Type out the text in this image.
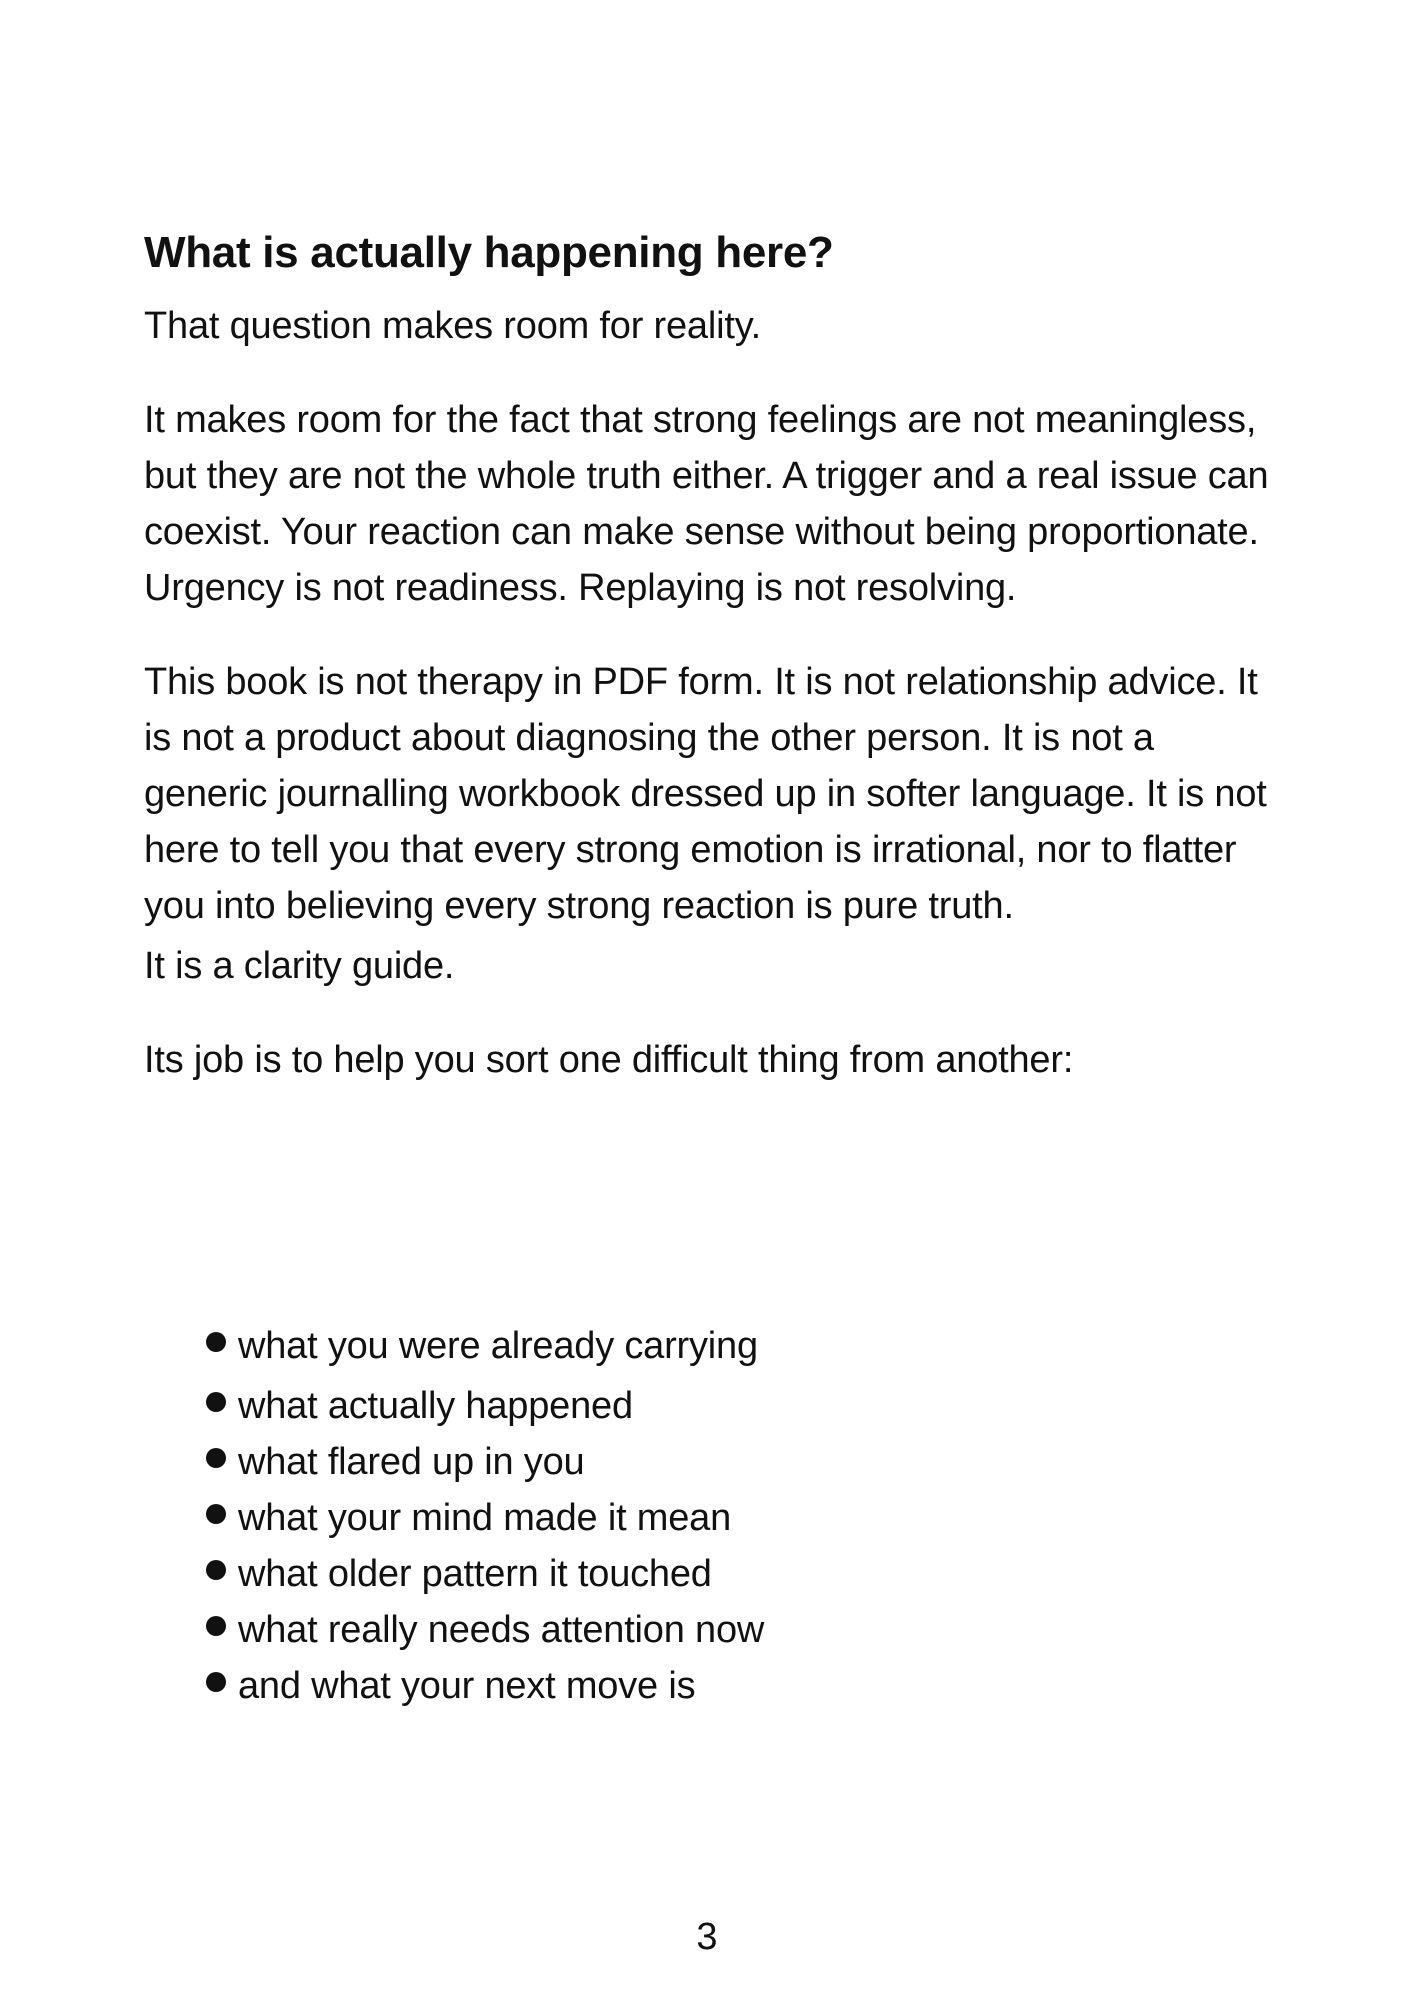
What is actually happening here?

That question makes room for reality.

It makes room for the fact that strong feelings are not meaningless, but they are not the whole truth either. A trigger and a real issue can coexist. Your reaction can make sense without being proportionate. Urgency is not readiness. Replaying is not resolving.

This book is not therapy in PDF form. It is not relationship advice. It is not a product about diagnosing the other person. It is not a generic journalling workbook dressed up in softer language. It is not here to tell you that every strong emotion is irrational, nor to flatter you into believing every strong reaction is pure truth.

It is a clarity guide.

Its job is to help you sort one difficult thing from another:

what you were already carrying
what actually happened
what flared up in you
what your mind made it mean
what older pattern it touched
what really needs attention now
and what your next move is
3
